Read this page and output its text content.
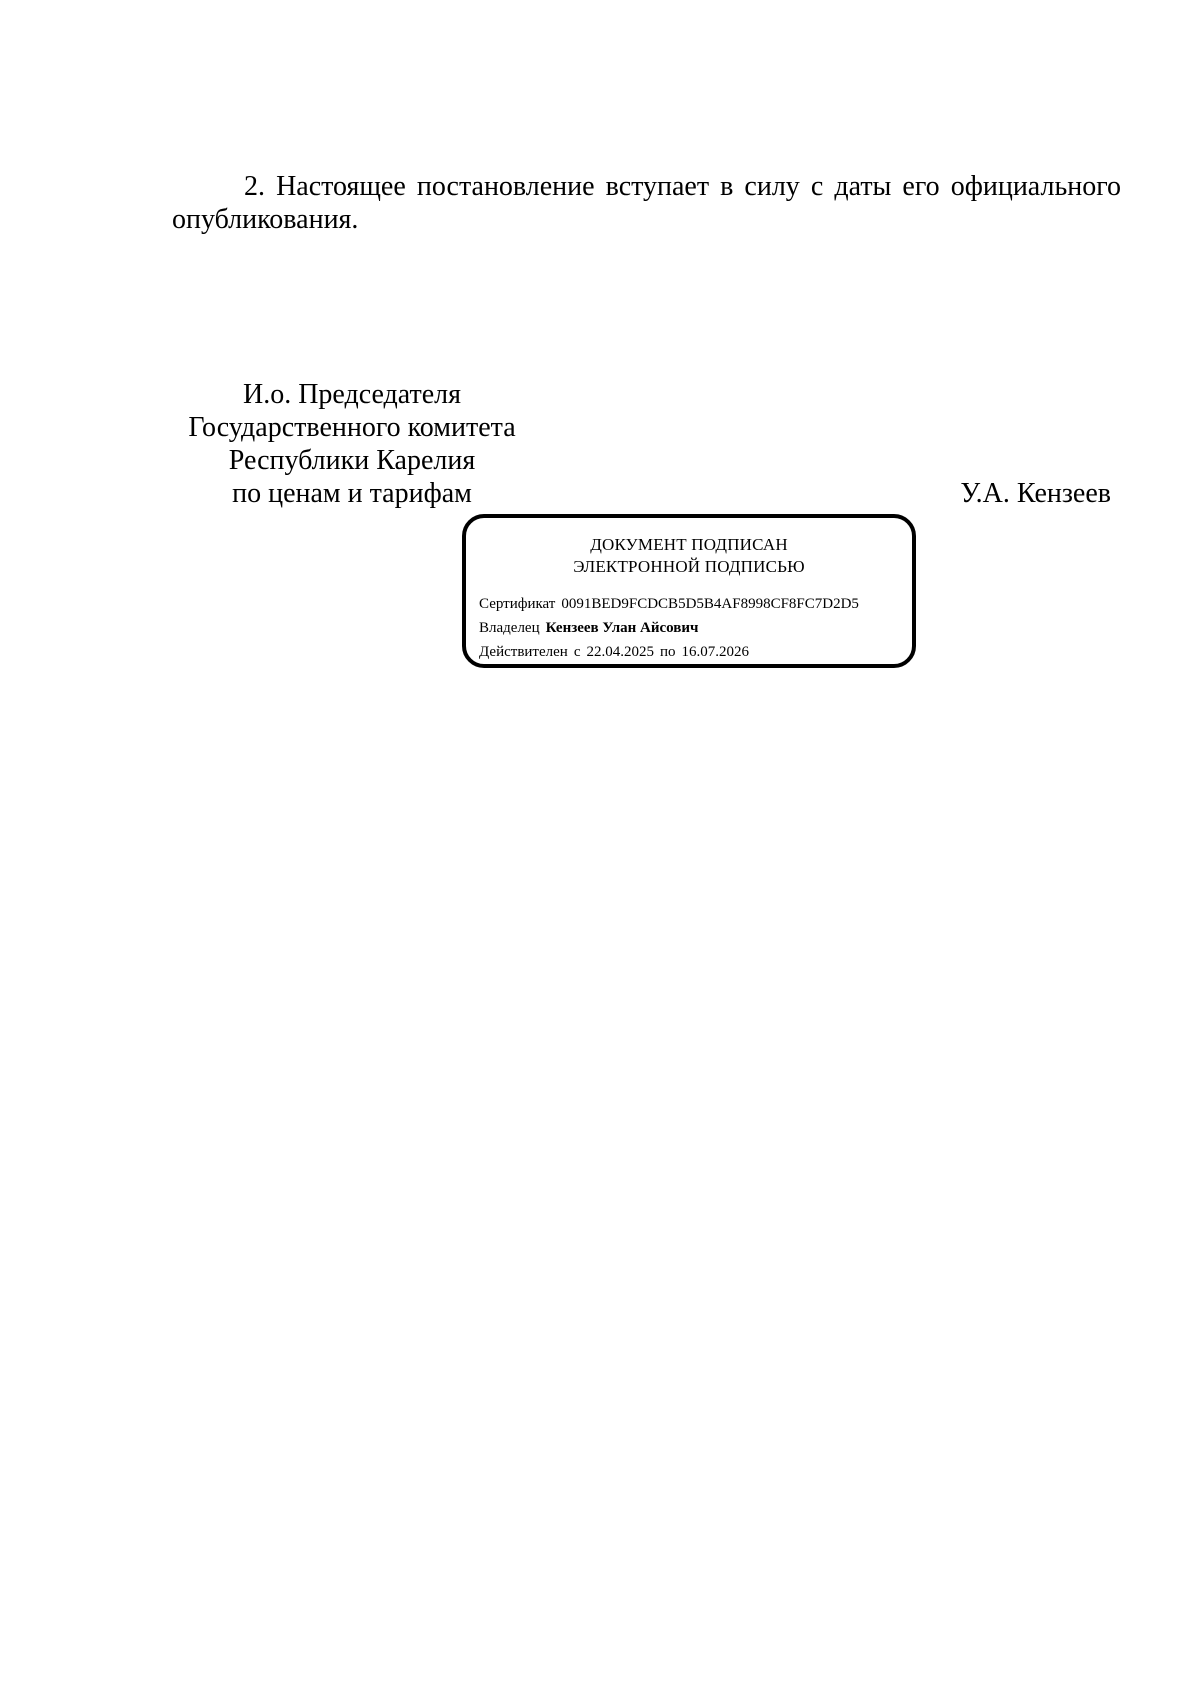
2. Настоящее постановление вступает в силу с даты его официального опубликования.

И.о. Председателя
Государственного комитета
Республики Карелия
по ценам и тарифам	У.А. Кензеев
ДОКУМЕНТ ПОДПИСАН
ЭЛЕКТРОННОЙ ПОДПИСЬЮ
Сертификат 0091BED9FCDCB5D5B4AF8998CF8FC7D2D5
Владелец Кензеев Улан Айсович
Действителен с 22.04.2025 по 16.07.2026
